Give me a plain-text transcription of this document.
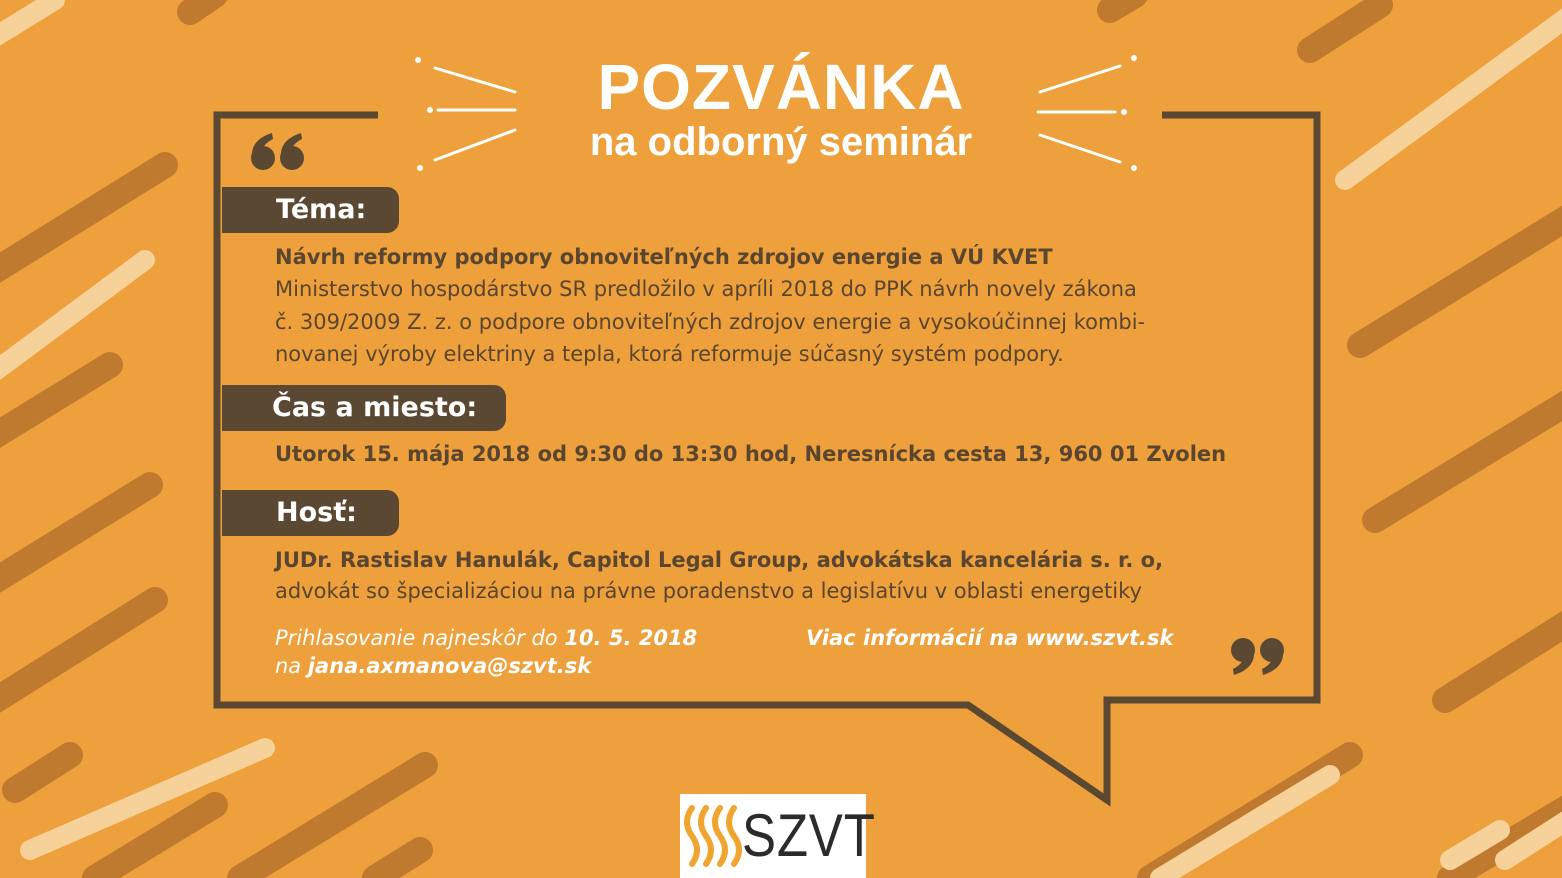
POZVÁNKA
na odborný seminár
Téma:
Návrh reformy podpory obnoviteľných zdrojov energie a VÚ KVET
Ministerstvo hospodárstvo SR predložilo v apríli 2018 do PPK návrh novely zákona
č. 309/2009 Z. z. o podpore obnoviteľných zdrojov energie a vysokoúčinnej kombi-
novanej výroby elektriny a tepla, ktorá reformuje súčasný systém podpory.
Čas a miesto:
Utorok 15. mája 2018 od 9:30 do 13:30 hod, Neresnícka cesta 13, 960 01 Zvolen
Hosť:
JUDr. Rastislav Hanulák, Capitol Legal Group, advokátska kancelária s. r. o,
advokát so špecializáciou na právne poradenstvo a legislatívu v oblasti energetiky
Prihlasovanie najneskôr do 10. 5. 2018
na jana.axmanova@szvt.sk
Viac informácií na www.szvt.sk
SZVT
